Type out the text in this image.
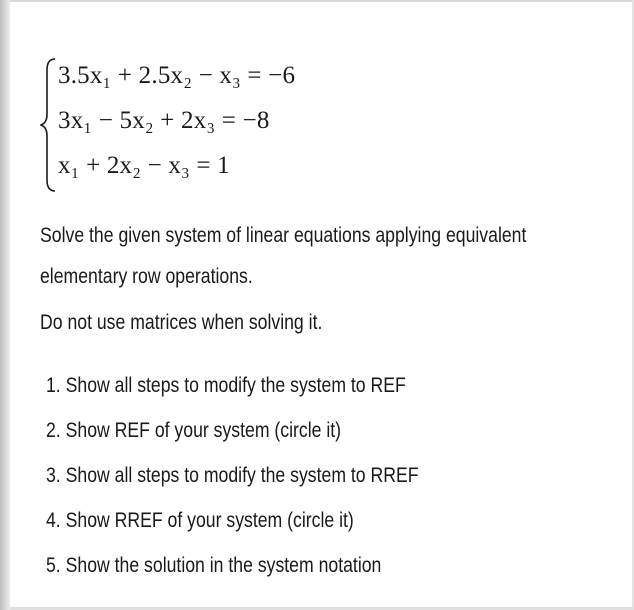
3.5x₁ + 2.5x₂ − x₃ = −6
3x₁ − 5x₂ + 2x₃ = −8
x₁ + 2x₂ − x₃ = 1
Solve the given system of linear equations applying equivalent
elementary row operations.
Do not use matrices when solving it.
1. Show all steps to modify the system to REF
2. Show REF of your system (circle it)
3. Show all steps to modify the system to RREF
4. Show RREF of your system (circle it)
5. Show the solution in the system notation
